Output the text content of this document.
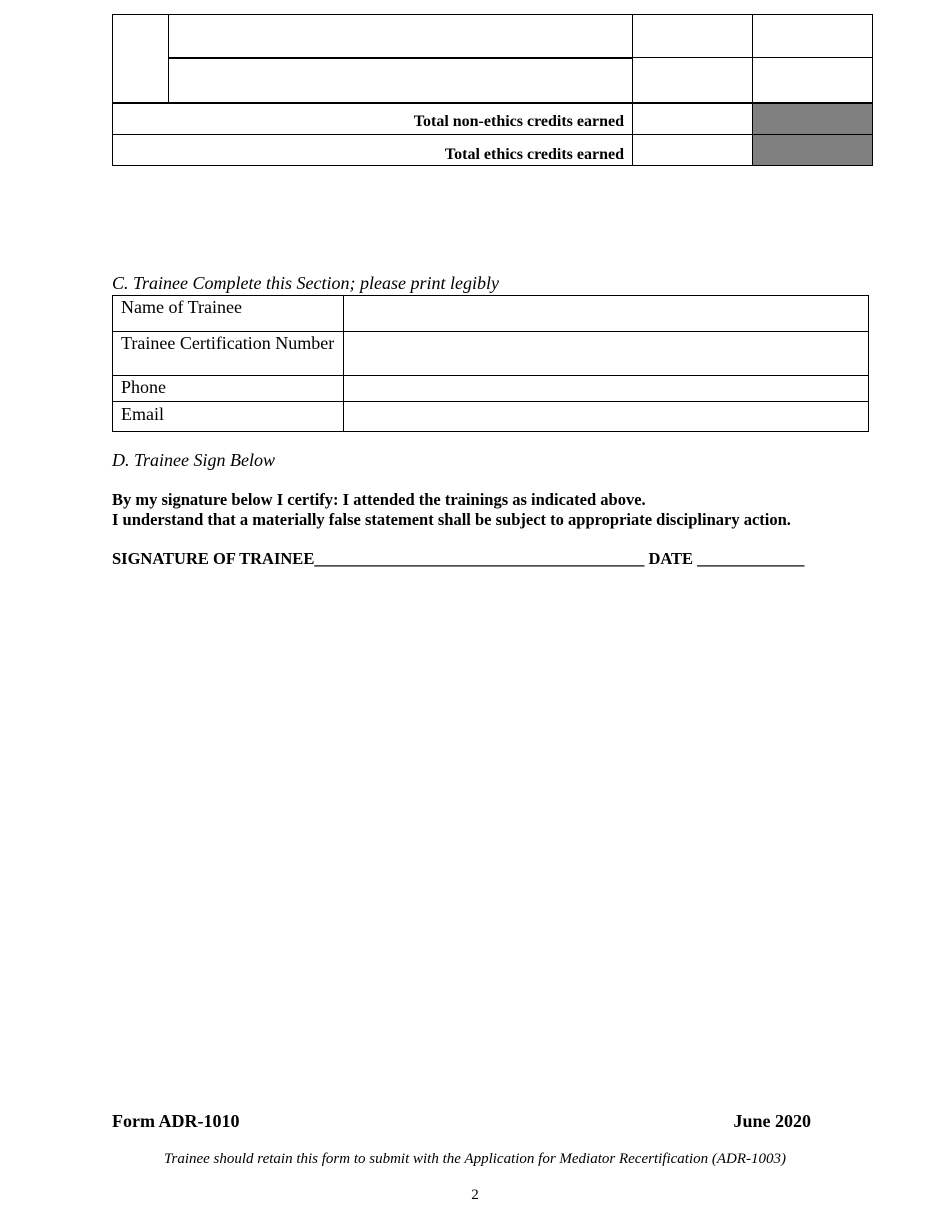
Total non-ethics credits earned
Total ethics credits earned
C. Trainee Complete this Section; please print legibly
Name of Trainee	
Trainee Certification Number	
Phone	
Email	
D. Trainee Sign Below
By my signature below I certify: I attended the trainings as indicated above.
I understand that a materially false statement shall be subject to appropriate disciplinary action.
SIGNATURE OF TRAINEE________________________________________ DATE _____________
Form ADR-1010	June 2020
Trainee should retain this form to submit with the Application for Mediator Recertification (ADR-1003)
2
